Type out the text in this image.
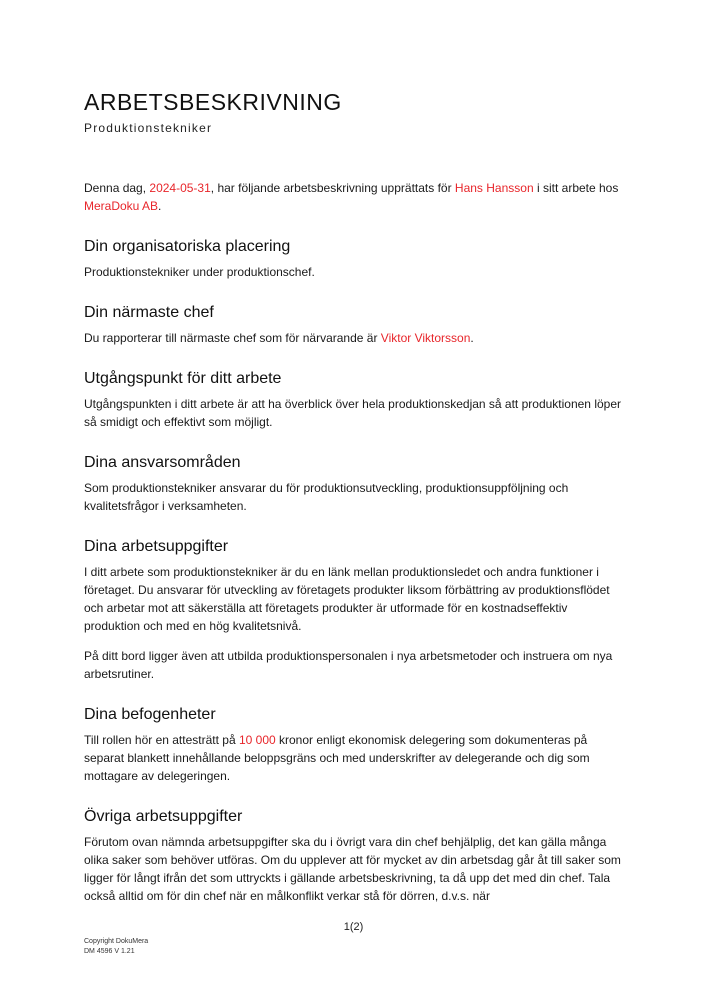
ARBETSBESKRIVNING
Produktionstekniker
Denna dag, 2024-05-31, har följande arbetsbeskrivning upprättats för Hans Hansson i sitt arbete hos MeraDoku AB.
Din organisatoriska placering

Produktionstekniker under produktionschef.

Din närmaste chef

Du rapporterar till närmaste chef som för närvarande är Viktor Viktorsson.

Utgångspunkt för ditt arbete

Utgångspunkten i ditt arbete är att ha överblick över hela produktionskedjan så att produktionen löper så smidigt och effektivt som möjligt.

Dina ansvarsområden

Som produktionstekniker ansvarar du för produktionsutveckling, produktionsuppföljning och kvalitetsfrågor i verksamheten.

Dina arbetsuppgifter

I ditt arbete som produktionstekniker är du en länk mellan produktionsledet och andra funktioner i företaget. Du ansvarar för utveckling av företagets produkter liksom förbättring av produktionsflödet och arbetar mot att säkerställa att företagets produkter är utformade för en kostnadseffektiv produktion och med en hög kvalitetsnivå.

På ditt bord ligger även att utbilda produktionspersonalen i nya arbetsmetoder och instruera om nya arbetsrutiner.

Dina befogenheter

Till rollen hör en attesträtt på 10 000 kronor enligt ekonomisk delegering som dokumenteras på separat blankett innehållande beloppsgräns och med underskrifter av delegerande och dig som mottagare av delegeringen.

Övriga arbetsuppgifter

Förutom ovan nämnda arbetsuppgifter ska du i övrigt vara din chef behjälplig, det kan gälla många olika saker som behöver utföras. Om du upplever att för mycket av din arbetsdag går åt till saker som ligger för långt ifrån det som uttryckts i gällande arbetsbeskrivning, ta då upp det med din chef. Tala också alltid om för din chef när en målkonflikt verkar stå för dörren, d.v.s. när

1(2)
Copyright DokuMera
DM 4596 V 1.21
